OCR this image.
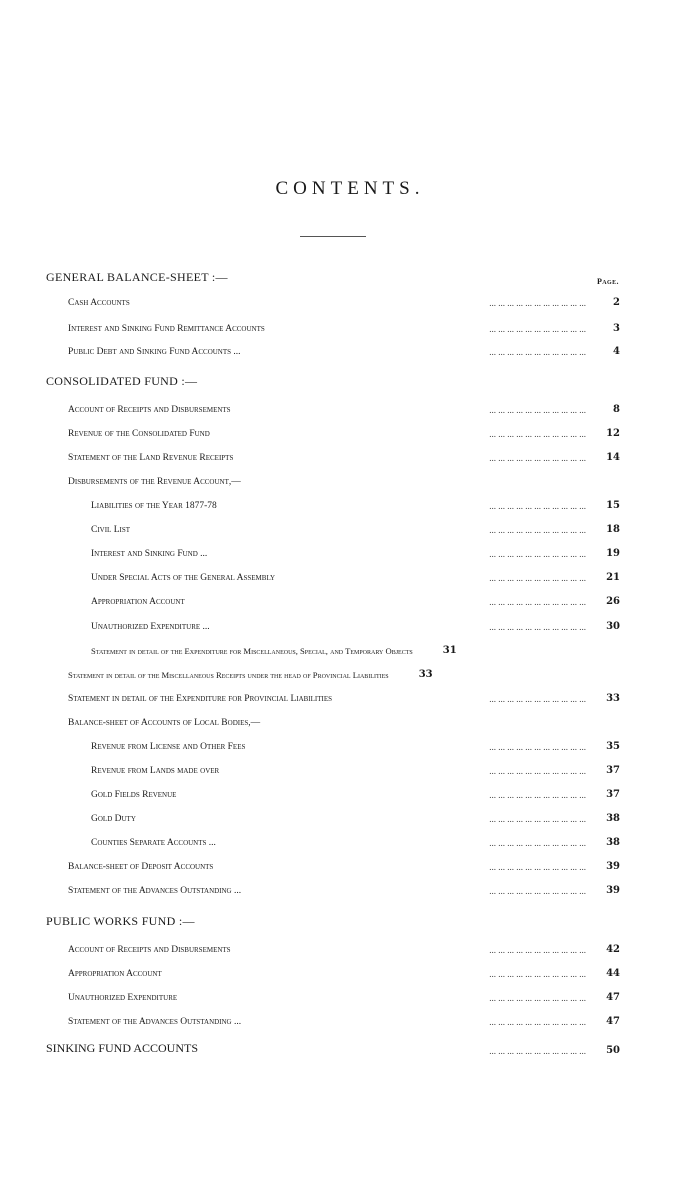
CONTENTS.
Page.
GENERAL BALANCE-SHEET :—
Cash Accounts	... ... ... ... ... ... ... ... ... ... ...	2
Interest and Sinking Fund Remittance Accounts	... ... ... ... ... ... ... ... ... ... ...	3
Public Debt and Sinking Fund Accounts ...	... ... ... ... ... ... ... ... ... ... ...	4
CONSOLIDATED FUND :—
Account of Receipts and Disbursements	... ... ... ... ... ... ... ... ... ... ...	8
Revenue of the Consolidated Fund	... ... ... ... ... ... ... ... ... ... ...	12
Statement of the Land Revenue Receipts	... ... ... ... ... ... ... ... ... ... ...	14
Disbursements of the Revenue Account,—
Liabilities of the Year 1877-78	... ... ... ... ... ... ... ... ... ... ...	15
Civil List	... ... ... ... ... ... ... ... ... ... ...	18
Interest and Sinking Fund ...	... ... ... ... ... ... ... ... ... ... ...	19
Under Special Acts of the General Assembly	... ... ... ... ... ... ... ... ... ... ...	21
Appropriation Account	... ... ... ... ... ... ... ... ... ... ...	26
Unauthorized Expenditure ...	... ... ... ... ... ... ... ... ... ... ...	30
Statement in detail of the Expenditure for Miscellaneous, Special, and Temporary Objects	31
Statement in detail of the Miscellaneous Receipts under the head of Provincial Liabilities	33
Statement in detail of the Expenditure for Provincial Liabilities	... ... ... ... ... ... ... ... ... ... ...	33
Balance-sheet of Accounts of Local Bodies,—
Revenue from License and Other Fees	... ... ... ... ... ... ... ... ... ... ...	35
Revenue from Lands made over	... ... ... ... ... ... ... ... ... ... ...	37
Gold Fields Revenue	... ... ... ... ... ... ... ... ... ... ...	37
Gold Duty	... ... ... ... ... ... ... ... ... ... ...	38
Counties Separate Accounts ...	... ... ... ... ... ... ... ... ... ... ...	38
Balance-sheet of Deposit Accounts	... ... ... ... ... ... ... ... ... ... ...	39
Statement of the Advances Outstanding ...	... ... ... ... ... ... ... ... ... ... ...	39
PUBLIC WORKS FUND :—
Account of Receipts and Disbursements	... ... ... ... ... ... ... ... ... ... ...	42
Appropriation Account	... ... ... ... ... ... ... ... ... ... ...	44
Unauthorized Expenditure	... ... ... ... ... ... ... ... ... ... ...	47
Statement of the Advances Outstanding ...	... ... ... ... ... ... ... ... ... ... ...	47
SINKING FUND ACCOUNTS	... ... ... ... ... ... ... ... ... ... ...	50
